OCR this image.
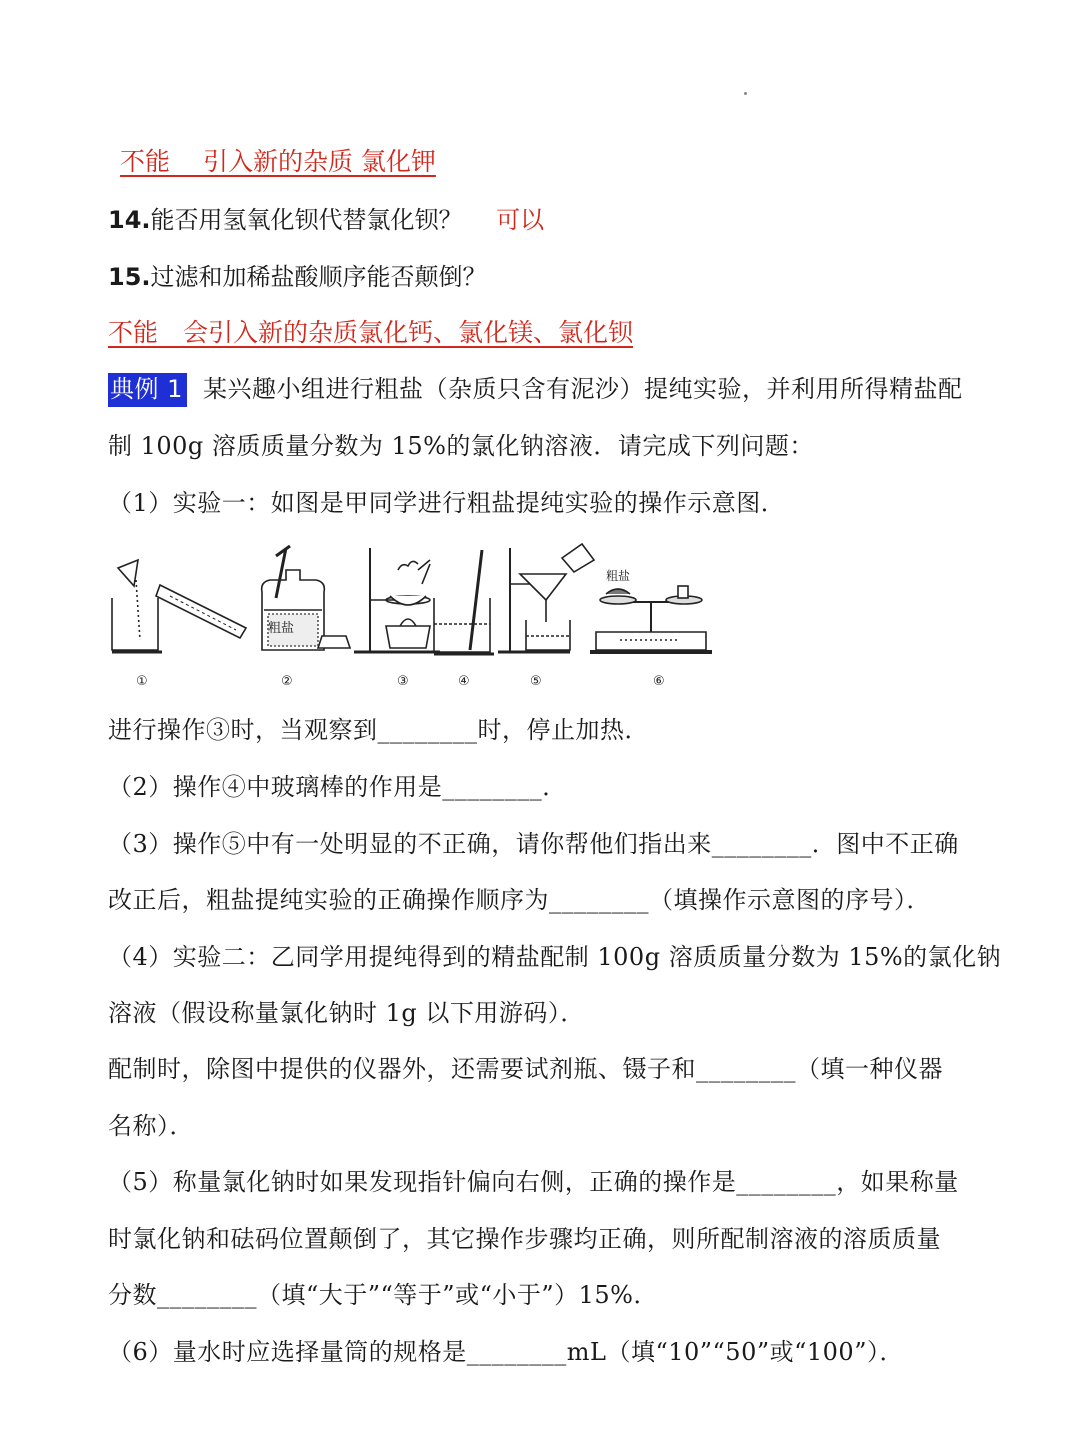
不能　 引入新的杂质 氯化钾
14.能否用氢氧化钡代替氯化钡？ 可以
15.过滤和加稀盐酸顺序能否颠倒？
不能　会引入新的杂质氯化钙、氯化镁、氯化钡
典例 1 某兴趣小组进行粗盐（杂质只含有泥沙）提纯实验，并利用所得精盐配
制 100g 溶质质量分数为 15%的氯化钠溶液．请完成下列问题：
（1）实验一：如图是甲同学进行粗盐提纯实验的操作示意图．
粗盐
粗盐
①	②	③	④	⑤	⑥
进行操作③时，当观察到________时，停止加热．
（2）操作④中玻璃棒的作用是________．
（3）操作⑤中有一处明显的不正确，请你帮他们指出来________．图中不正确
改正后，粗盐提纯实验的正确操作顺序为________（填操作示意图的序号）．
（4）实验二：乙同学用提纯得到的精盐配制 100g 溶质质量分数为 15%的氯化钠
溶液（假设称量氯化钠时 1g 以下用游码）．
配制时，除图中提供的仪器外，还需要试剂瓶、镊子和________（填一种仪器
名称）．
（5）称量氯化钠时如果发现指针偏向右侧，正确的操作是________，如果称量
时氯化钠和砝码位置颠倒了，其它操作步骤均正确，则所配制溶液的溶质质量
分数________（填“大于”“等于”或“小于”）15%．
（6）量水时应选择量筒的规格是________mL（填“10”“50”或“100”）．
